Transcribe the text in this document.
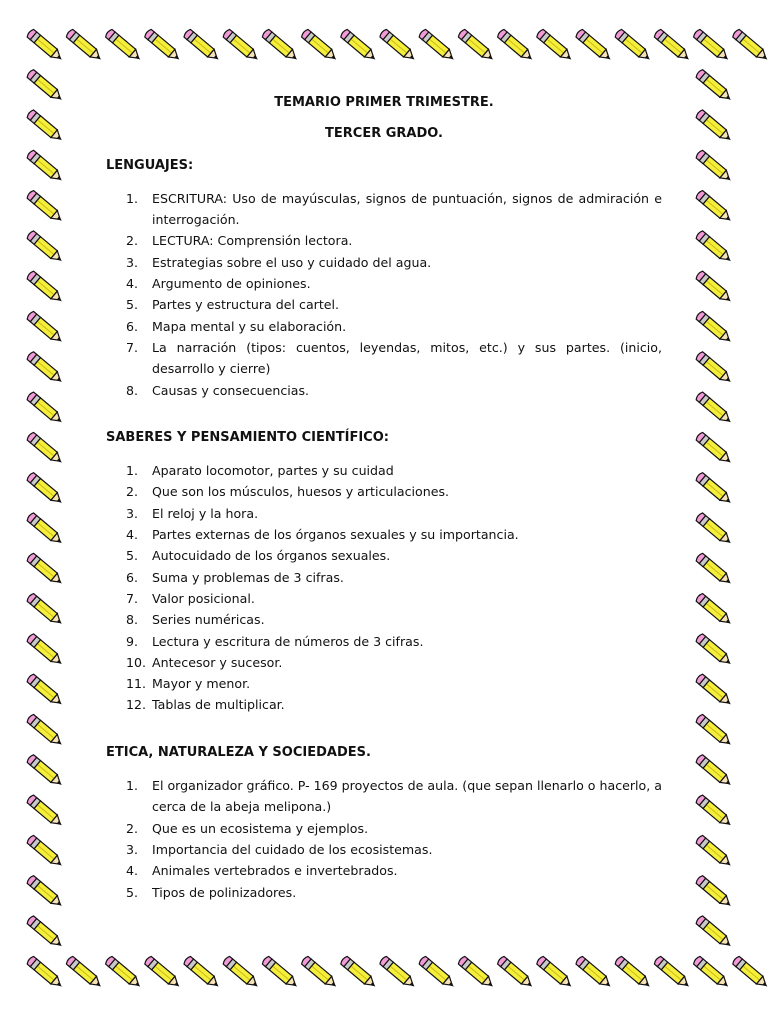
TEMARIO PRIMER TRIMESTRE.
TERCER GRADO.
LENGUAJES:
1. ESCRITURA: Uso de mayúsculas, signos de puntuación, signos de admiración e interrogación.
2. LECTURA: Comprensión lectora.
3. Estrategias sobre el uso y cuidado del agua.
4. Argumento de opiniones.
5. Partes y estructura del cartel.
6. Mapa mental y su elaboración.
7. La narración (tipos: cuentos, leyendas, mitos, etc.) y sus partes. (inicio, desarrollo y cierre)
8. Causas y consecuencias.
SABERES Y PENSAMIENTO CIENTÍFICO:
1. Aparato locomotor, partes y su cuidad
2. Que son los músculos, huesos y articulaciones.
3. El reloj y la hora.
4. Partes externas de los órganos sexuales y su importancia.
5. Autocuidado de los órganos sexuales.
6. Suma y problemas de 3 cifras.
7. Valor posicional.
8. Series numéricas.
9. Lectura y escritura de números de 3 cifras.
10. Antecesor y sucesor.
11. Mayor y menor.
12. Tablas de multiplicar.
ETICA, NATURALEZA Y SOCIEDADES.
1. El organizador gráfico. P- 169 proyectos de aula. (que sepan llenarlo o hacerlo, a cerca de la abeja melipona.)
2. Que es un ecosistema y ejemplos.
3. Importancia del cuidado de los ecosistemas.
4. Animales vertebrados e invertebrados.
5. Tipos de polinizadores.
